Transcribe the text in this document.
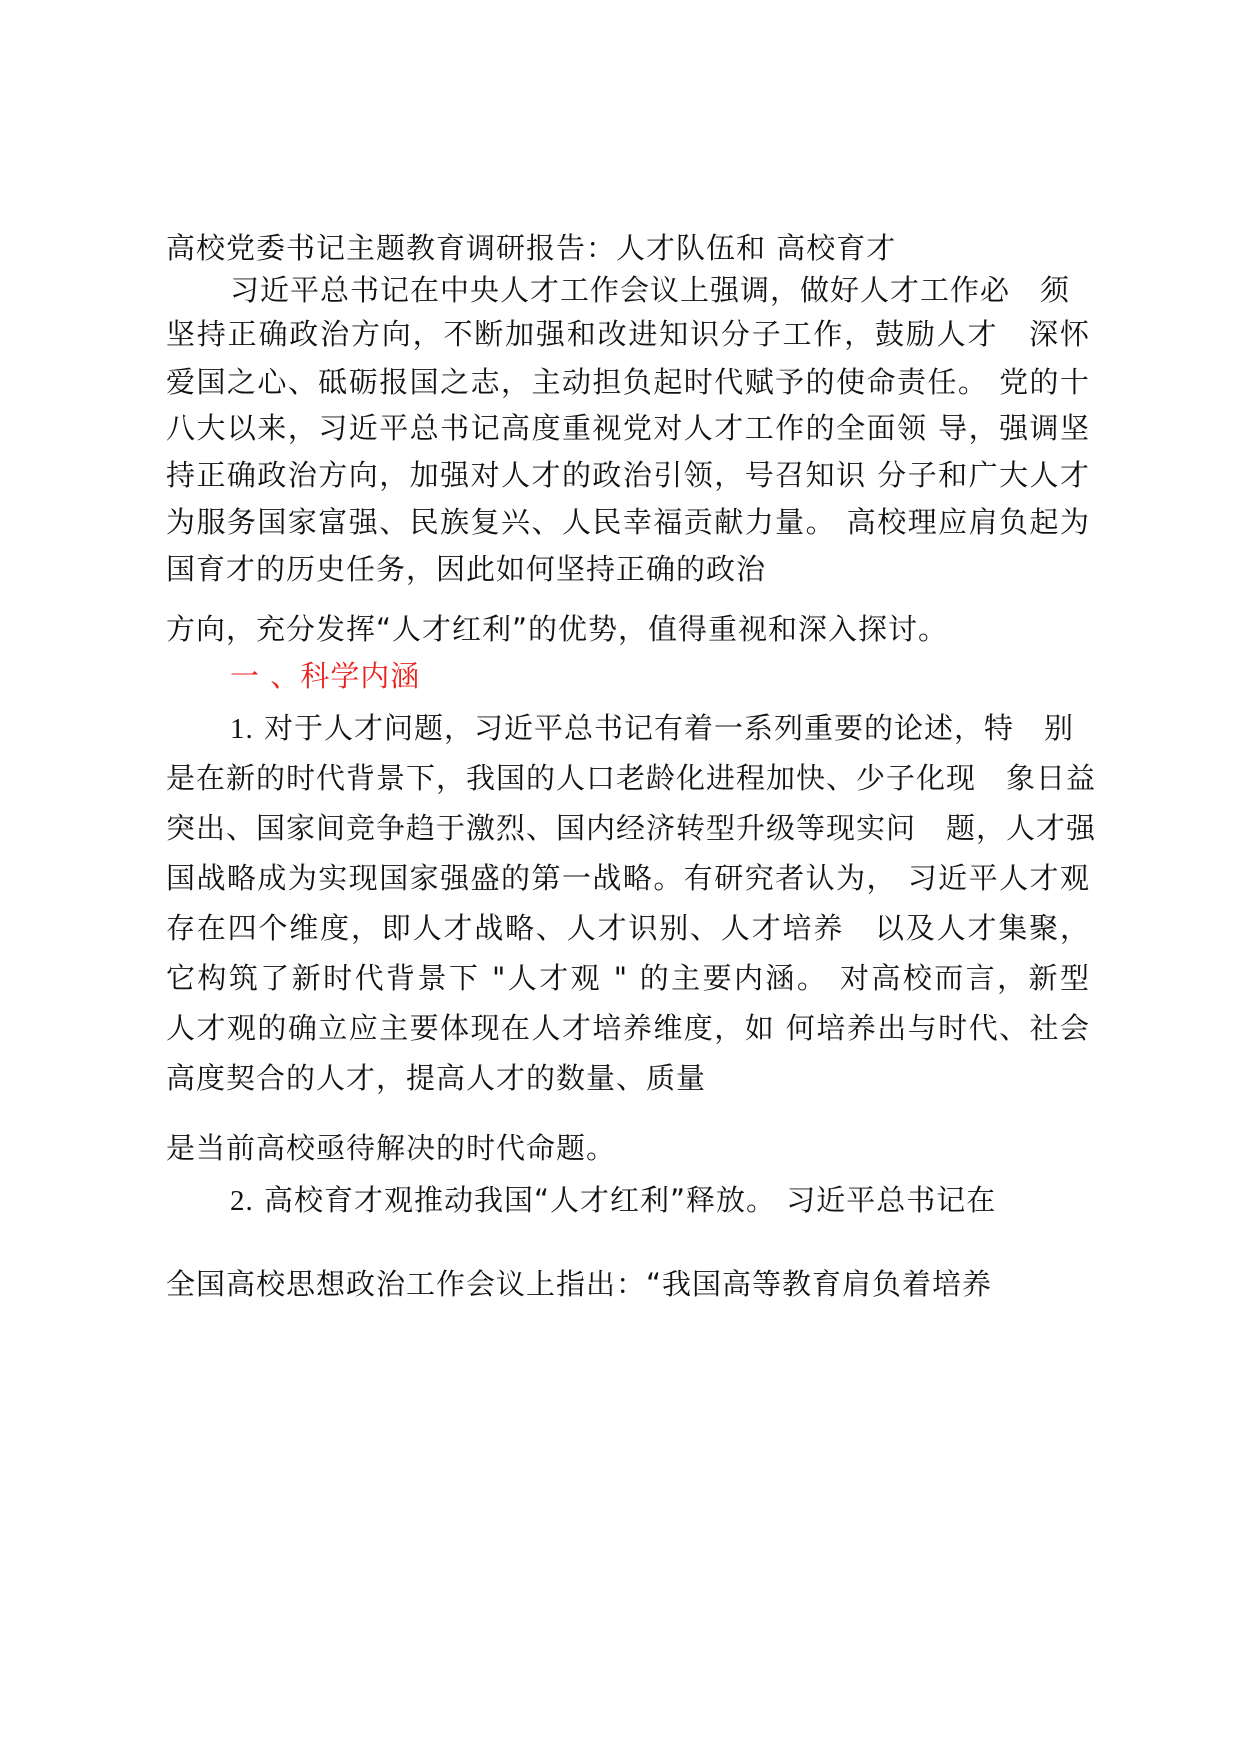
高校党委书记主题教育调研报告：人才队伍和 高校育才

习近平总书记在中央人才工作会议上强调，做好人才工作必　须

坚持正确政治方向，不断加强和改进知识分子工作，鼓励人才　深怀

爱国之心、砥砺报国之志，主动担负起时代赋予的使命责任。 党的十

八大以来，习近平总书记高度重视党对人才工作的全面领 导，强调坚

持正确政治方向，加强对人才的政治引领，号召知识 分子和广大人才

为服务国家富强、民族复兴、人民幸福贡献力量。 高校理应肩负起为

国育才的历史任务，因此如何坚持正确的政治

方向，充分发挥“人才红利”的优势，值得重视和深入探讨。

一 、科学内涵

1. 对于人才问题，习近平总书记有着一系列重要的论述，特　别

是在新的时代背景下，我国的人口老龄化进程加快、少子化现　象日益

突出、国家间竞争趋于激烈、国内经济转型升级等现实问　题，人才强

国战略成为实现国家强盛的第一战略。有研究者认为， 习近平人才观

存在四个维度，即人才战略、人才识别、人才培养　以及人才集聚，

它构筑了新时代背景下 "人才观 " 的主要内涵。 对高校而言，新型

人才观的确立应主要体现在人才培养维度，如 何培养出与时代、社会

高度契合的人才，提高人才的数量、质量

是当前高校亟待解决的时代命题。

2. 高校育才观推动我国“人才红利”释放。 习近平总书记在

全国高校思想政治工作会议上指出：“我国高等教育肩负着培养
